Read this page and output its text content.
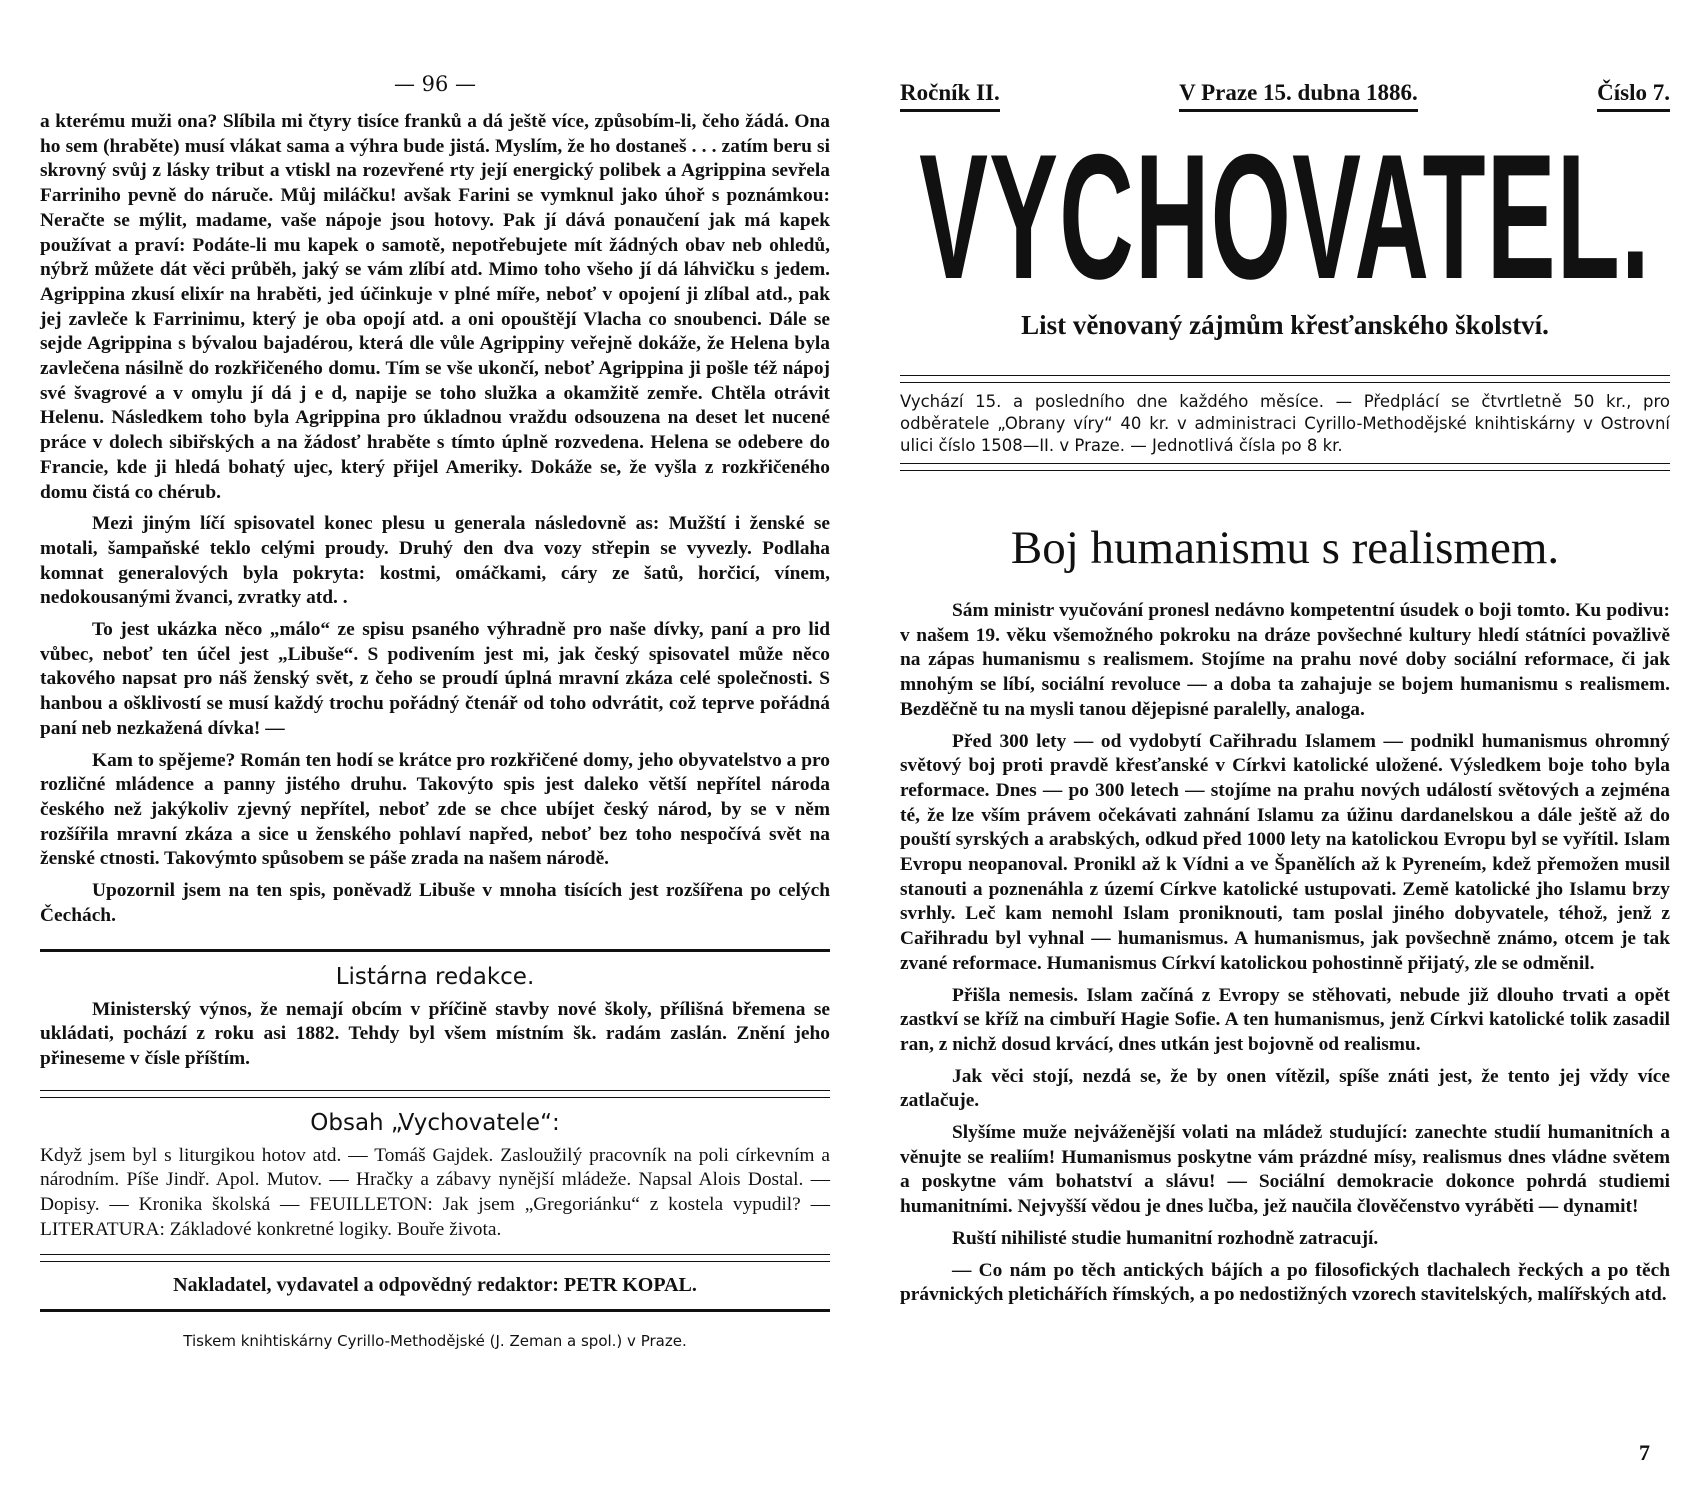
— 96 —

a kterému muži ona? Slíbila mi čtyry tisíce franků a dá ještě více, způsobím-li, čeho žádá. Ona ho sem (hraběte) musí vlákat sama a výhra bude jistá. Myslím, že ho dostaneš . . . zatím beru si skrovný svůj z lásky tribut a vtiskl na rozevřené rty její energický polibek a Agrippina sevřela Farriniho pevně do náruče. Můj miláčku! avšak Farini se vymknul jako úhoř s poznámkou: Neračte se mýlit, madame, vaše nápoje jsou hotovy. Pak jí dává ponaučení jak má kapek používat a praví: Podáte-li mu kapek o samotě, nepotřebujete mít žádných obav neb ohledů, nýbrž můžete dát věci průběh, jaký se vám zlíbí atd. Mimo toho všeho jí dá láhvičku s jedem. Agrippina zkusí elixír na hraběti, jed účinkuje v plné míře, neboť v opojení ji zlíbal atd., pak jej zavleče k Farrinimu, který je oba opojí atd. a oni opouštějí Vlacha co snoubenci. Dále se sejde Agrippina s bývalou bajadérou, která dle vůle Agrippiny veřejně dokáže, že Helena byla zavlečena násilně do rozkřičeného domu. Tím se vše ukončí, neboť Agrippina ji pošle též nápoj své švagrové a v omylu jí dá j e d, napije se toho služka a okamžitě zemře. Chtěla otrávit Helenu. Následkem toho byla Agrippina pro úkladnou vraždu odsouzena na deset let nucené práce v dolech sibiřských a na žádosť hraběte s tímto úplně rozvedena. Helena se odebere do Francie, kde ji hledá bohatý ujec, který přijel Ameriky. Dokáže se, že vyšla z rozkřičeného domu čistá co chérub.

Mezi jiným líčí spisovatel konec plesu u generala následovně as: Mužští i ženské se motali, šampaňské teklo celými proudy. Druhý den dva vozy střepin se vyvezly. Podlaha komnat generalových byla pokryta: kostmi, omáčkami, cáry ze šatů, horčicí, vínem, nedokousanými žvanci, zvratky atd. .

To jest ukázka něco „málo“ ze spisu psaného výhradně pro naše dívky, paní a pro lid vůbec, neboť ten účel jest „Libuše“. S podivením jest mi, jak český spisovatel může něco takového napsat pro náš ženský svět, z čeho se proudí úplná mravní zkáza celé společnosti. S hanbou a ošklivostí se musí každý trochu pořádný čtenář od toho odvrátit, což teprve pořádná paní neb nezkažená dívka! —

Kam to spějeme? Román ten hodí se krátce pro rozkřičené domy, jeho obyvatelstvo a pro rozličné mládence a panny jistého druhu. Takovýto spis jest daleko větší nepřítel národa českého než jakýkoliv zjevný nepřítel, neboť zde se chce ubíjet český národ, by se v něm rozšířila mravní zkáza a sice u ženského pohlaví napřed, neboť bez toho nespočívá svět na ženské ctnosti. Takovýmto spůsobem se páše zrada na našem národě.

Upozornil jsem na ten spis, poněvadž Libuše v mnoha tisících jest rozšířena po celých Čechách.

Listárna redakce.

Ministerský výnos, že nemají obcím v příčině stavby nové školy, přílišná břemena se ukládati, pochází z roku asi 1882. Tehdy byl všem místním šk. radám zaslán. Znění jeho přineseme v čísle příštím.

Obsah „Vychovatele“:

Když jsem byl s liturgikou hotov atd. — Tomáš Gajdek. Zasloužilý pracovník na poli církevním a národním. Píše Jindř. Apol. Mutov. — Hračky a zábavy nynější mládeže. Napsal Alois Dostal. — Dopisy. — Kronika školská — FEUILLETON: Jak jsem „Gregoriánku“ z kostela vypudil? — LITERATURA: Základové konkretné logiky. Bouře života.

Nakladatel, vydavatel a odpovědný redaktor: PETR KOPAL.
Tiskem knihtiskárny Cyrillo-Methodějské (J. Zeman a spol.) v Praze.
Ročník II.	V Praze 15. dubna 1886.	Číslo 7.
VYCHOVATEL.
List věnovaný zájmům křesťanského školství.
Vychází 15. a posledního dne každého měsíce. — Předplácí se čtvrtletně 50 kr., pro odběratele „Obrany víry“ 40 kr. v administraci Cyrillo-Methodějské knihtiskárny v Ostrovní ulici číslo 1508—II. v Praze. — Jednotlivá čísla po 8 kr.
Boj humanismu s realismem.

Sám ministr vyučování pronesl nedávno kompetentní úsudek o boji tomto. Ku podivu: v našem 19. věku všemožného pokroku na dráze povšechné kultury hledí státníci považlivě na zápas humanismu s realismem. Stojíme na prahu nové doby sociální reformace, či jak mnohým se líbí, sociální revoluce — a doba ta zahajuje se bojem humanismu s realismem. Bezděčně tu na mysli tanou dějepisné paralelly, analoga.

Před 300 lety — od vydobytí Cařihradu Islamem — podnikl humanismus ohromný světový boj proti pravdě křesťanské v Církvi katolické uložené. Výsledkem boje toho byla reformace. Dnes — po 300 letech — stojíme na prahu nových událostí světových a zejména té, že lze vším právem očekávati zahnání Islamu za úžinu dardanelskou a dále ještě až do pouští syrských a arabských, odkud před 1000 lety na katolickou Evropu byl se vyřítil. Islam Evropu neopanoval. Pronikl až k Vídni a ve Španělích až k Pyreneím, kdež přemožen musil stanouti a poznenáhla z území Církve katolické ustupovati. Země katolické jho Islamu brzy svrhly. Leč kam nemohl Islam proniknouti, tam poslal jiného dobyvatele, téhož, jenž z Cařihradu byl vyhnal — humanismus. A humanismus, jak povšechně známo, otcem je tak zvané reformace. Humanismus Církví katolickou pohostinně přijatý, zle se odměnil.

Přišla nemesis. Islam začíná z Evropy se stěhovati, nebude již dlouho trvati a opět zastkví se kříž na cimbuří Hagie Sofie. A ten humanismus, jenž Církvi katolické tolik zasadil ran, z nichž dosud krvácí, dnes utkán jest bojovně od realismu.

Jak věci stojí, nezdá se, že by onen vítězil, spíše znáti jest, že tento jej vždy více zatlačuje.

Slyšíme muže nejváženější volati na mládež studující: zanechte studií humanitních a věnujte se realiím! Humanismus poskytne vám prázdné mísy, realismus dnes vládne světem a poskytne vám bohatství a slávu! — Sociální demokracie dokonce pohrdá studiemi humanitními. Nejvyšší vědou je dnes lučba, jež naučila člověčenstvo vyráběti — dynamit!

Ruští nihilisté studie humanitní rozhodně zatracují.

— Co nám po těch antických bájích a po filosofických tlachalech řeckých a po těch právnických pletichářích římských, a po nedostižných vzorech stavitelských, malířských atd.

7
